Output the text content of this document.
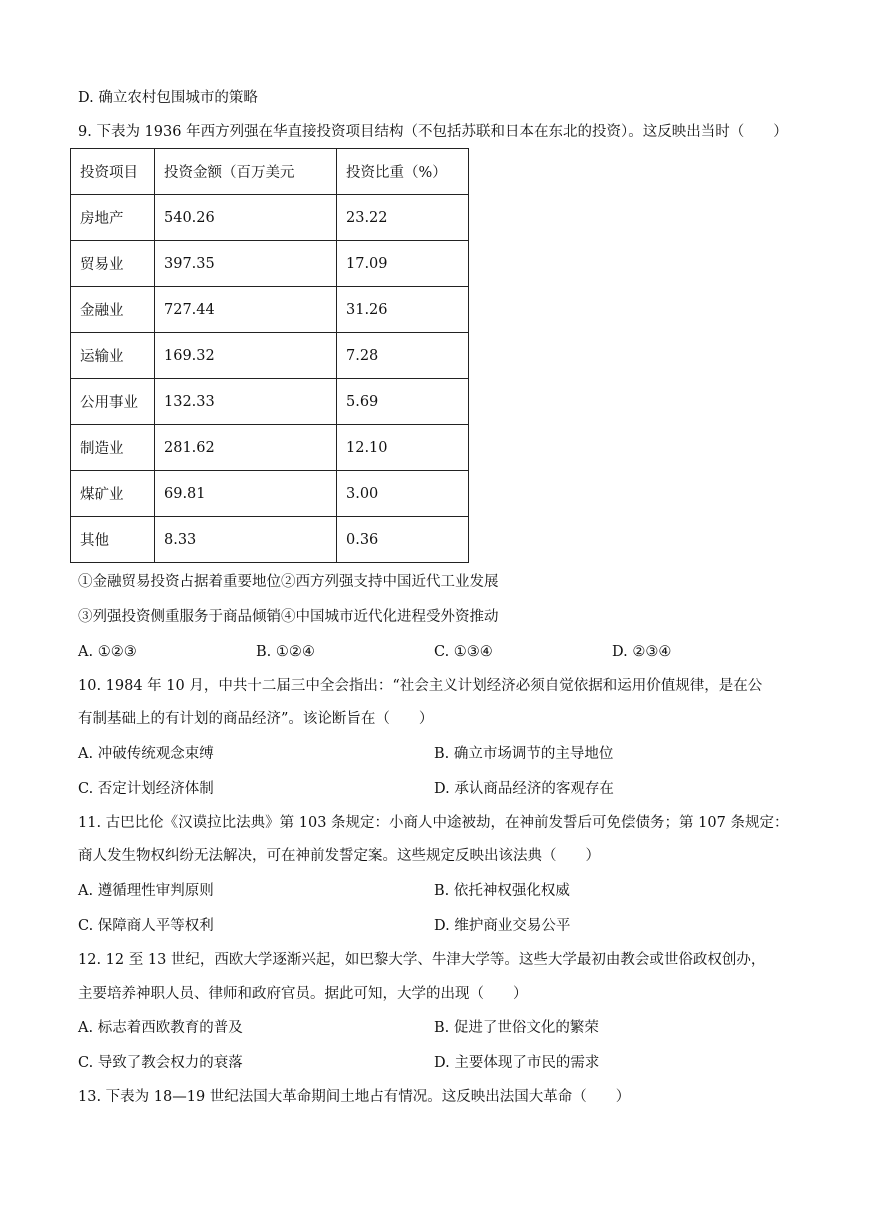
D. 确立农村包围城市的策略
9. 下表为 1936 年西方列强在华直接投资项目结构（不包括苏联和日本在东北的投资）。这反映出当时（　　）
投资项目	投资金额（百万美元	投资比重（%）
房地产	540.26	23.22
贸易业	397.35	17.09
金融业	727.44	31.26
运输业	169.32	7.28
公用事业	132.33	5.69
制造业	281.62	12.10
煤矿业	69.81	3.00
其他	8.33	0.36
①金融贸易投资占据着重要地位②西方列强支持中国近代工业发展
③列强投资侧重服务于商品倾销④中国城市近代化进程受外资推动
A. ①②③	B. ①②④	C. ①③④	D. ②③④
10. 1984 年 10 月，中共十二届三中全会指出：“社会主义计划经济必须自觉依据和运用价值规律，是在公
有制基础上的有计划的商品经济”。该论断旨在（　　）
A. 冲破传统观念束缚	B. 确立市场调节的主导地位
C. 否定计划经济体制	D. 承认商品经济的客观存在
11. 古巴比伦《汉谟拉比法典》第 103 条规定：小商人中途被劫，在神前发誓后可免偿债务；第 107 条规定：
商人发生物权纠纷无法解决，可在神前发誓定案。这些规定反映出该法典（　　）
A. 遵循理性审判原则	B. 依托神权强化权威
C. 保障商人平等权利	D. 维护商业交易公平
12. 12 至 13 世纪，西欧大学逐渐兴起，如巴黎大学、牛津大学等。这些大学最初由教会或世俗政权创办，
主要培养神职人员、律师和政府官员。据此可知，大学的出现（　　）
A. 标志着西欧教育的普及	B. 促进了世俗文化的繁荣
C. 导致了教会权力的衰落	D. 主要体现了市民的需求
13. 下表为 18—19 世纪法国大革命期间土地占有情况。这反映出法国大革命（　　）
